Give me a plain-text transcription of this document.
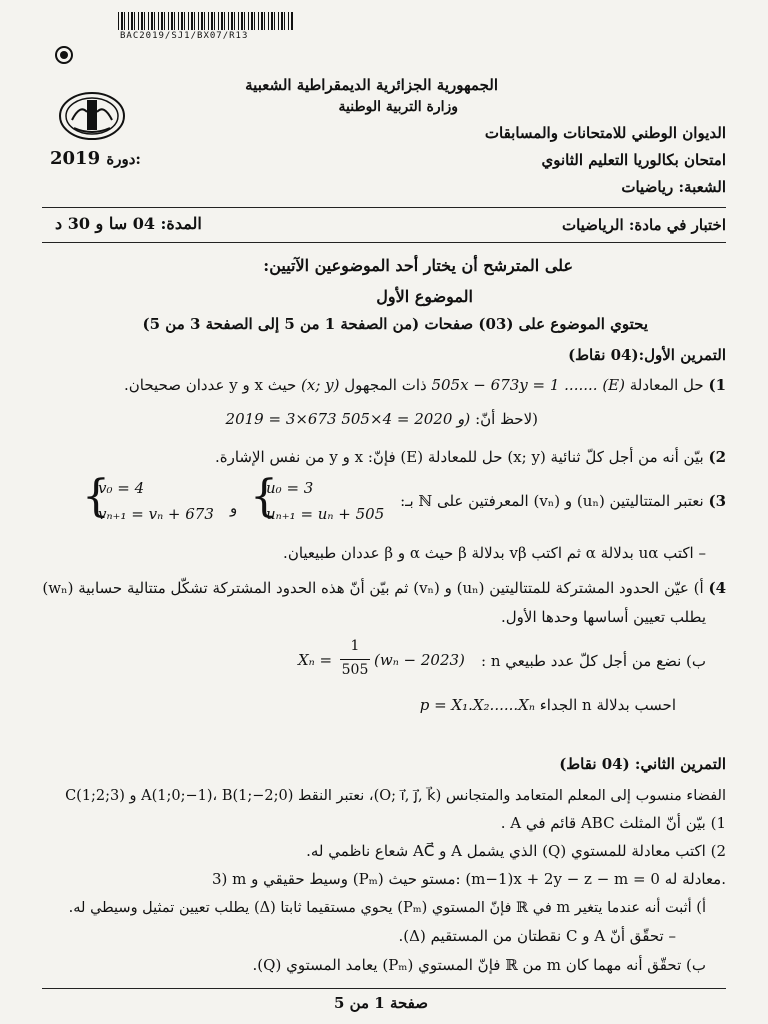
BAC2019/SJ1/BX07/R13
الجمهورية الجزائرية الديمقراطية الشعبية
وزارة التربية الوطنية
الديوان الوطني للامتحانات والمسابقات
امتحان بكالوريا التعليم الثانوي
2019 دورة:
الشعبة: رياضيات
اختبار في مادة: الرياضيات
المدة: 04 سا و 30 د
على المترشح أن يختار أحد الموضوعين الآتيين:
الموضوع الأول
يحتوي الموضوع على (03) صفحات (من الصفحة 1 من 5 إلى الصفحة 3 من 5)
التمرين الأول:(04 نقاط)
1) حل المعادلة 505x − 673y = 1 ....... (E) ذات المجهول (x; y) حيث x و y عددان صحيحان.
(لاحظ أنّ: 2019 = 3×673 و 2020 = 4×505)
2) بيّن أنه من أجل كلّ ثنائية (x; y) حل للمعادلة (E) فإنّ: x و y من نفس الإشارة.
3) نعتبر المتتاليتين (uₙ) و (vₙ) المعرفتين على ℕ بـ:
{
u₀ = 3
uₙ₊₁ = uₙ + 505
و
{
v₀ = 4
vₙ₊₁ = vₙ + 673
– اكتب uα بدلالة α ثم اكتب vβ بدلالة β حيث α و β عددان طبيعيان.
4) أ) عيّن الحدود المشتركة للمتتاليتين (uₙ) و (vₙ) ثم بيّن أنّ هذه الحدود المشتركة تشكّل متتالية حسابية (wₙ)
يطلب تعيين أساسها وحدها الأول.
ب) نضع من أجل كلّ عدد طبيعي n :
Xₙ =
1
505
(wₙ − 2023)
احسب بدلالة n الجداء p = X₁.X₂......Xₙ
التمرين الثاني: (04 نقاط)
الفضاء منسوب إلى المعلم المتعامد والمتجانس (O; i⃗, j⃗, k⃗)، نعتبر النقط A(1;0;−1)، B(1;−2;0) و C(1;2;3)
1) بيّن أنّ المثلث ABC قائم في A .
2) اكتب معادلة للمستوي (Q) الذي يشمل A و AC⃗ شعاع ناظمي له.
3) m وسيط حقيقي و (Pₘ) مستو حيث: (m−1)x + 2y − z − m = 0 معادلة له.
أ) أثبت أنه عندما يتغير m في ℝ فإنّ المستوي (Pₘ) يحوي مستقيما ثابتا (Δ) يطلب تعيين تمثيل وسيطي له.
– تحقّق أنّ A و C نقطتان من المستقيم (Δ).
ب) تحقّق أنه مهما كان m من ℝ فإنّ المستوي (Pₘ) يعامد المستوي (Q).
صفحة 1 من 5
